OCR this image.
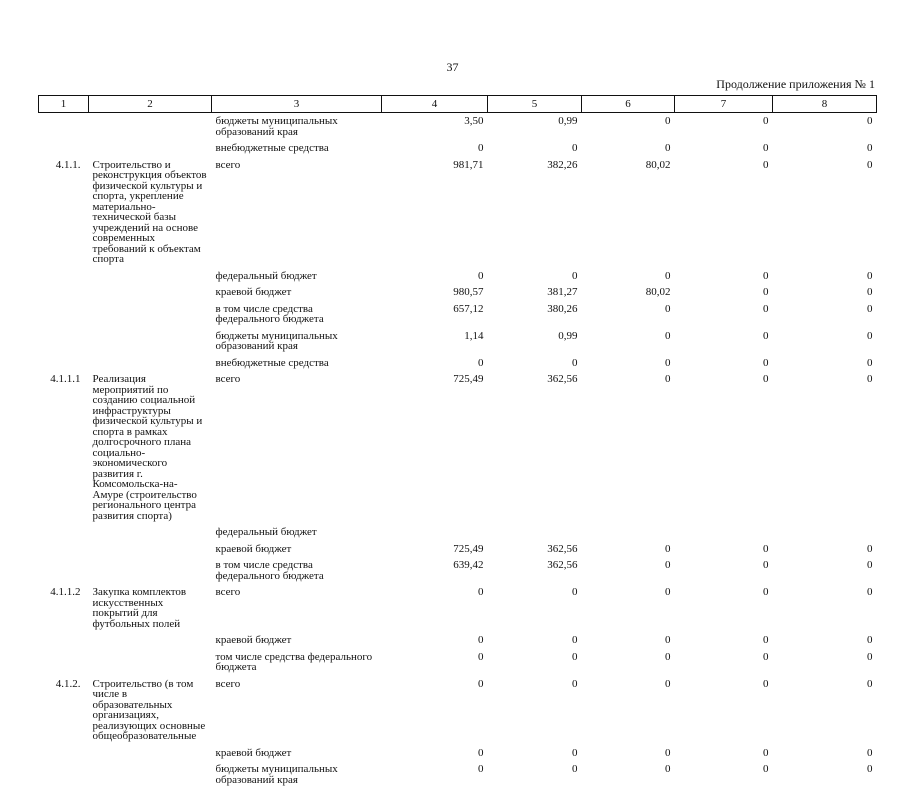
37
Продолжение приложения № 1
1	2	3	4	5	6	7	8
		бюджеты муниципальных образований края	3,50	0,99	0	0	0
		внебюджетные средства	0	0	0	0	0
4.1.1.	Строительство и реконструкция объектов физической культуры и спорта, укрепление материально-технической базы учреждений на основе современных требований к объектам спорта	всего	981,71	382,26	80,02	0	0
		федеральный бюджет	0	0	0	0	0
		краевой бюджет	980,57	381,27	80,02	0	0
		в том числе средства федерального бюджета	657,12	380,26	0	0	0
		бюджеты муниципальных образований края	1,14	0,99	0	0	0
		внебюджетные средства	0	0	0	0	0
4.1.1.1	Реализация мероприятий по созданию социальной инфраструктуры физической культуры и спорта в рамках долгосрочного плана социально-экономического развития г. Комсомольска-на-Амуре (строительство регионального центра развития спорта)	всего	725,49	362,56	0	0	0
		федеральный бюджет					
		краевой бюджет	725,49	362,56	0	0	0
		в том числе средства федерального бюджета	639,42	362,56	0	0	0
4.1.1.2	Закупка комплектов искусственных покрытий для футбольных полей	всего	0	0	0	0	0
		краевой бюджет	0	0	0	0	0
		том числе средства федерального бюджета	0	0	0	0	0
4.1.2.	Строительство (в том числе в образовательных организациях, реализующих основные общеобразовательные	всего	0	0	0	0	0
		краевой бюджет	0	0	0	0	0
		бюджеты муниципальных образований края	0	0	0	0	0
